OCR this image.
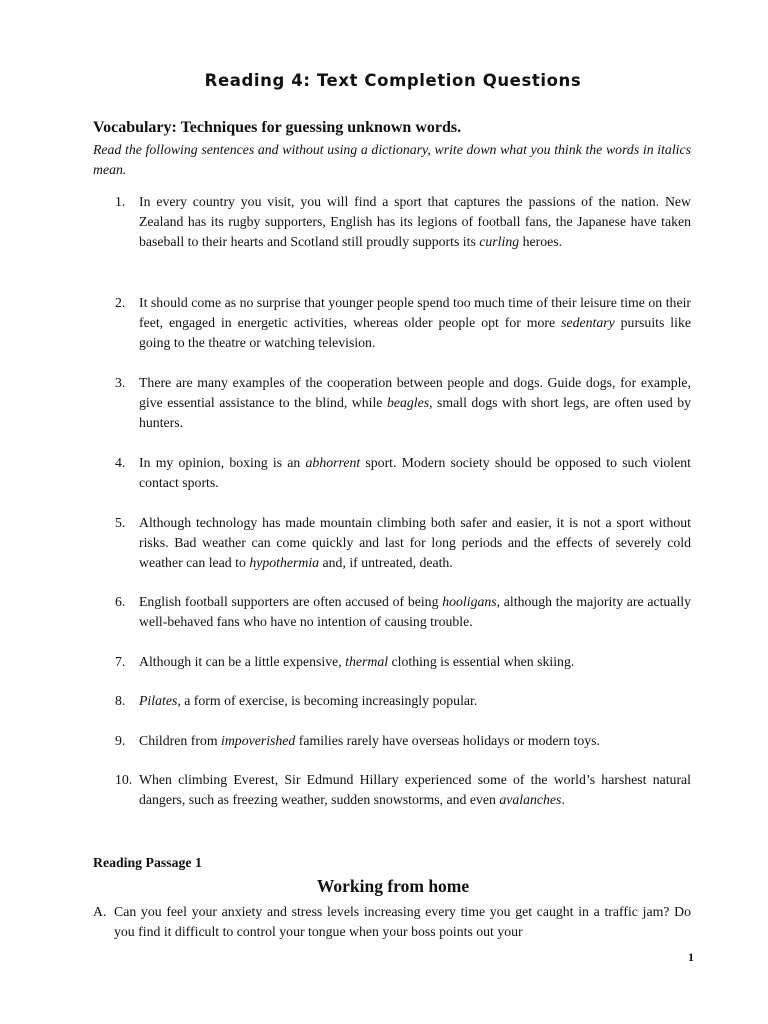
Reading 4: Text Completion Questions

Vocabulary: Techniques for guessing unknown words.

Read the following sentences and without using a dictionary, write down what you think the words in italics mean.

1. In every country you visit, you will find a sport that captures the passions of the nation. New Zealand has its rugby supporters, English has its legions of football fans, the Japanese have taken baseball to their hearts and Scotland still proudly supports its curling heroes.
2. It should come as no surprise that younger people spend too much time of their leisure time on their feet, engaged in energetic activities, whereas older people opt for more sedentary pursuits like going to the theatre or watching television.
3. There are many examples of the cooperation between people and dogs. Guide dogs, for example, give essential assistance to the blind, while beagles, small dogs with short legs, are often used by hunters.
4. In my opinion, boxing is an abhorrent sport. Modern society should be opposed to such violent contact sports.
5. Although technology has made mountain climbing both safer and easier, it is not a sport without risks. Bad weather can come quickly and last for long periods and the effects of severely cold weather can lead to hypothermia and, if untreated, death.
6. English football supporters are often accused of being hooligans, although the majority are actually well-behaved fans who have no intention of causing trouble.
7. Although it can be a little expensive, thermal clothing is essential when skiing.
8. Pilates, a form of exercise, is becoming increasingly popular.
9. Children from impoverished families rarely have overseas holidays or modern toys.
10. When climbing Everest, Sir Edmund Hillary experienced some of the world’s harshest natural dangers, such as freezing weather, sudden snowstorms, and even avalanches.

Reading Passage 1

Working from home
A. Can you feel your anxiety and stress levels increasing every time you get caught in a traffic jam? Do you find it difficult to control your tongue when your boss points out your

1
